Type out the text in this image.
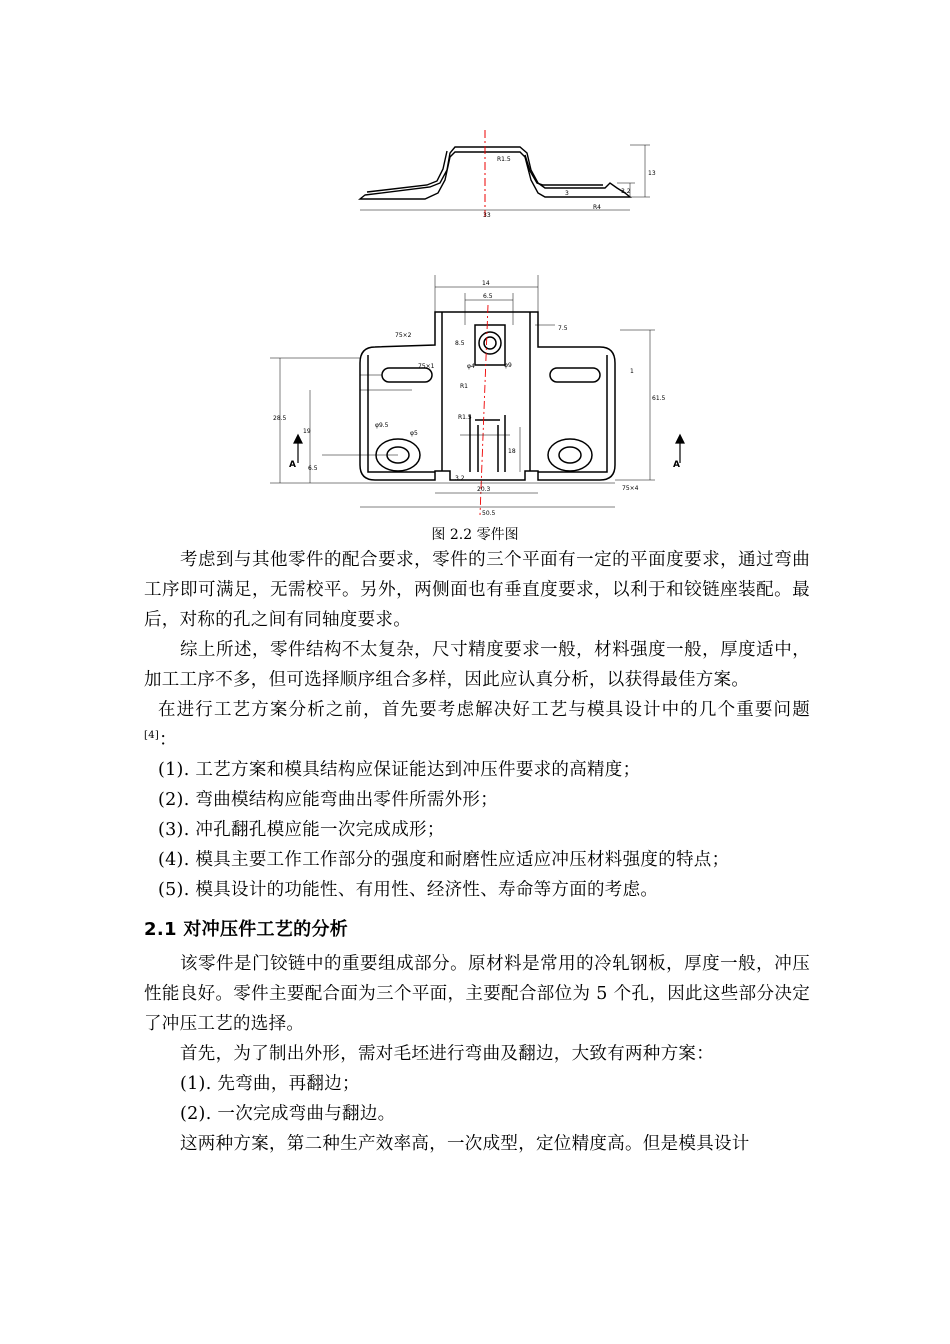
R1.5
33
13
3
R4
3.2
A	A
14
6.5
7.5
8.5
φ4	φ9
R1
R1.5
28.5
19
6.5
φ9.5
φ5
18
20.3
3.2
50.5
61.5
1
75×2
75×1
75×4
图 2.2 零件图

考虑到与其他零件的配合要求，零件的三个平面有一定的平面度要求，通过弯曲工序即可满足，无需校平。另外，两侧面也有垂直度要求，以利于和铰链座装配。最后，对称的孔之间有同轴度要求。

综上所述，零件结构不太复杂，尺寸精度要求一般，材料强度一般，厚度适中，加工工序不多，但可选择顺序组合多样，因此应认真分析，以获得最佳方案。

在进行工艺方案分析之前，首先要考虑解决好工艺与模具设计中的几个重要问题[4]：

(1). 工艺方案和模具结构应保证能达到冲压件要求的高精度；

(2). 弯曲模结构应能弯曲出零件所需外形；

(3). 冲孔翻孔模应能一次完成成形；

(4). 模具主要工作工作部分的强度和耐磨性应适应冲压材料强度的特点；

(5). 模具设计的功能性、有用性、经济性、寿命等方面的考虑。

2.1 对冲压件工艺的分析

该零件是门铰链中的重要组成部分。原材料是常用的冷轧钢板，厚度一般，冲压性能良好。零件主要配合面为三个平面，主要配合部位为 5 个孔，因此这些部分决定了冲压工艺的选择。

首先，为了制出外形，需对毛坯进行弯曲及翻边，大致有两种方案：

(1). 先弯曲，再翻边；

(2). 一次完成弯曲与翻边。

这两种方案，第二种生产效率高，一次成型，定位精度高。但是模具设计
